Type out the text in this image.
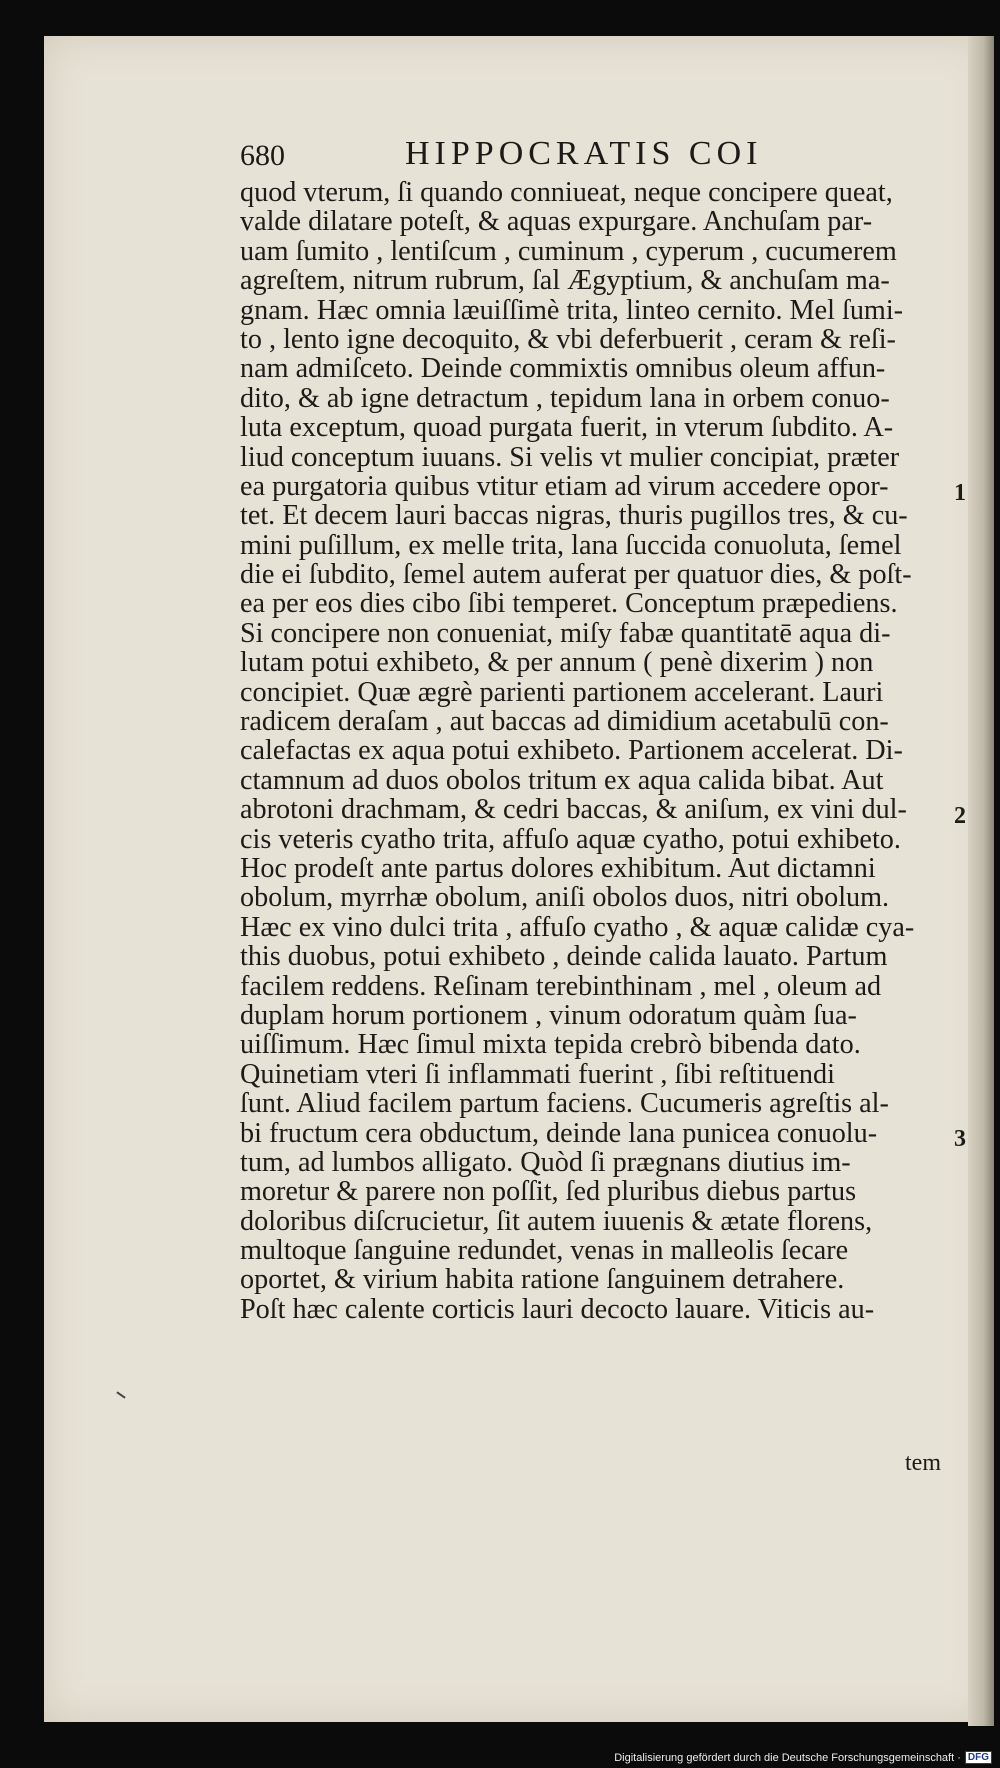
680	HIPPOCRATIS COI
quod vterum, ſi quando conniueat, neque concipere queat,
valde dilatare poteſt, & aquas expurgare. Anchuſam par-
uam ſumito , lentiſcum , cuminum , cyperum , cucumerem
agreſtem, nitrum rubrum, ſal Ægyptium, & anchuſam ma-
gnam. Hæc omnia læuiſſimè trita, linteo cernito. Mel ſumi-
to , lento igne decoquito, & vbi deferbuerit , ceram & reſi-
nam admiſceto. Deinde commixtis omnibus oleum affun-
dito, & ab igne detractum , tepidum lana in orbem conuo-
luta exceptum, quoad purgata fuerit, in vterum ſubdito. A-
liud conceptum iuuans. Si velis vt mulier concipiat, præter
ea purgatoria quibus vtitur etiam ad virum accedere opor-
tet. Et decem lauri baccas nigras, thuris pugillos tres, & cu-
mini puſillum, ex melle trita, lana ſuccida conuoluta, ſemel
die ei ſubdito, ſemel autem auferat per quatuor dies, & poſt-
ea per eos dies cibo ſibi temperet. Conceptum præpediens.
Si concipere non conueniat, miſy fabæ quantitatē aqua di-
lutam potui exhibeto, & per annum ( penè dixerim ) non
concipiet. Quæ ægrè parienti partionem accelerant. Lauri
radicem deraſam , aut baccas ad dimidium acetabulū con-
calefactas ex aqua potui exhibeto. Partionem accelerat. Di-
ctamnum ad duos obolos tritum ex aqua calida bibat. Aut
abrotoni drachmam, & cedri baccas, & aniſum, ex vini dul-
cis veteris cyatho trita, affuſo aquæ cyatho, potui exhibeto.
Hoc prodeſt ante partus dolores exhibitum. Aut dictamni
obolum, myrrhæ obolum, aniſi obolos duos, nitri obolum.
Hæc ex vino dulci trita , affuſo cyatho , & aquæ calidæ cya-
this duobus, potui exhibeto , deinde calida lauato. Partum
facilem reddens. Reſinam terebinthinam , mel , oleum ad
duplam horum portionem , vinum odoratum quàm ſua-
uiſſimum. Hæc ſimul mixta tepida crebrò bibenda dato.
Quinetiam vteri ſi inflammati fuerint , ſibi reſtituendi
ſunt. Aliud facilem partum faciens. Cucumeris agreſtis al-
bi fructum cera obductum, deinde lana punicea conuolu-
tum, ad lumbos alligato. Quòd ſi prægnans diutius im-
moretur & parere non poſſit, ſed pluribus diebus partus
doloribus diſcrucietur, ſit autem iuuenis & ætate florens,
multoque ſanguine redundet, venas in malleolis ſecare
oportet, & virium habita ratione ſanguinem detrahere.
Poſt hæc calente corticis lauri decocto lauare. Viticis au-
1
2
3
tem
Digitalisierung gefördert durch die Deutsche Forschungsgemeinschaft · DFG
